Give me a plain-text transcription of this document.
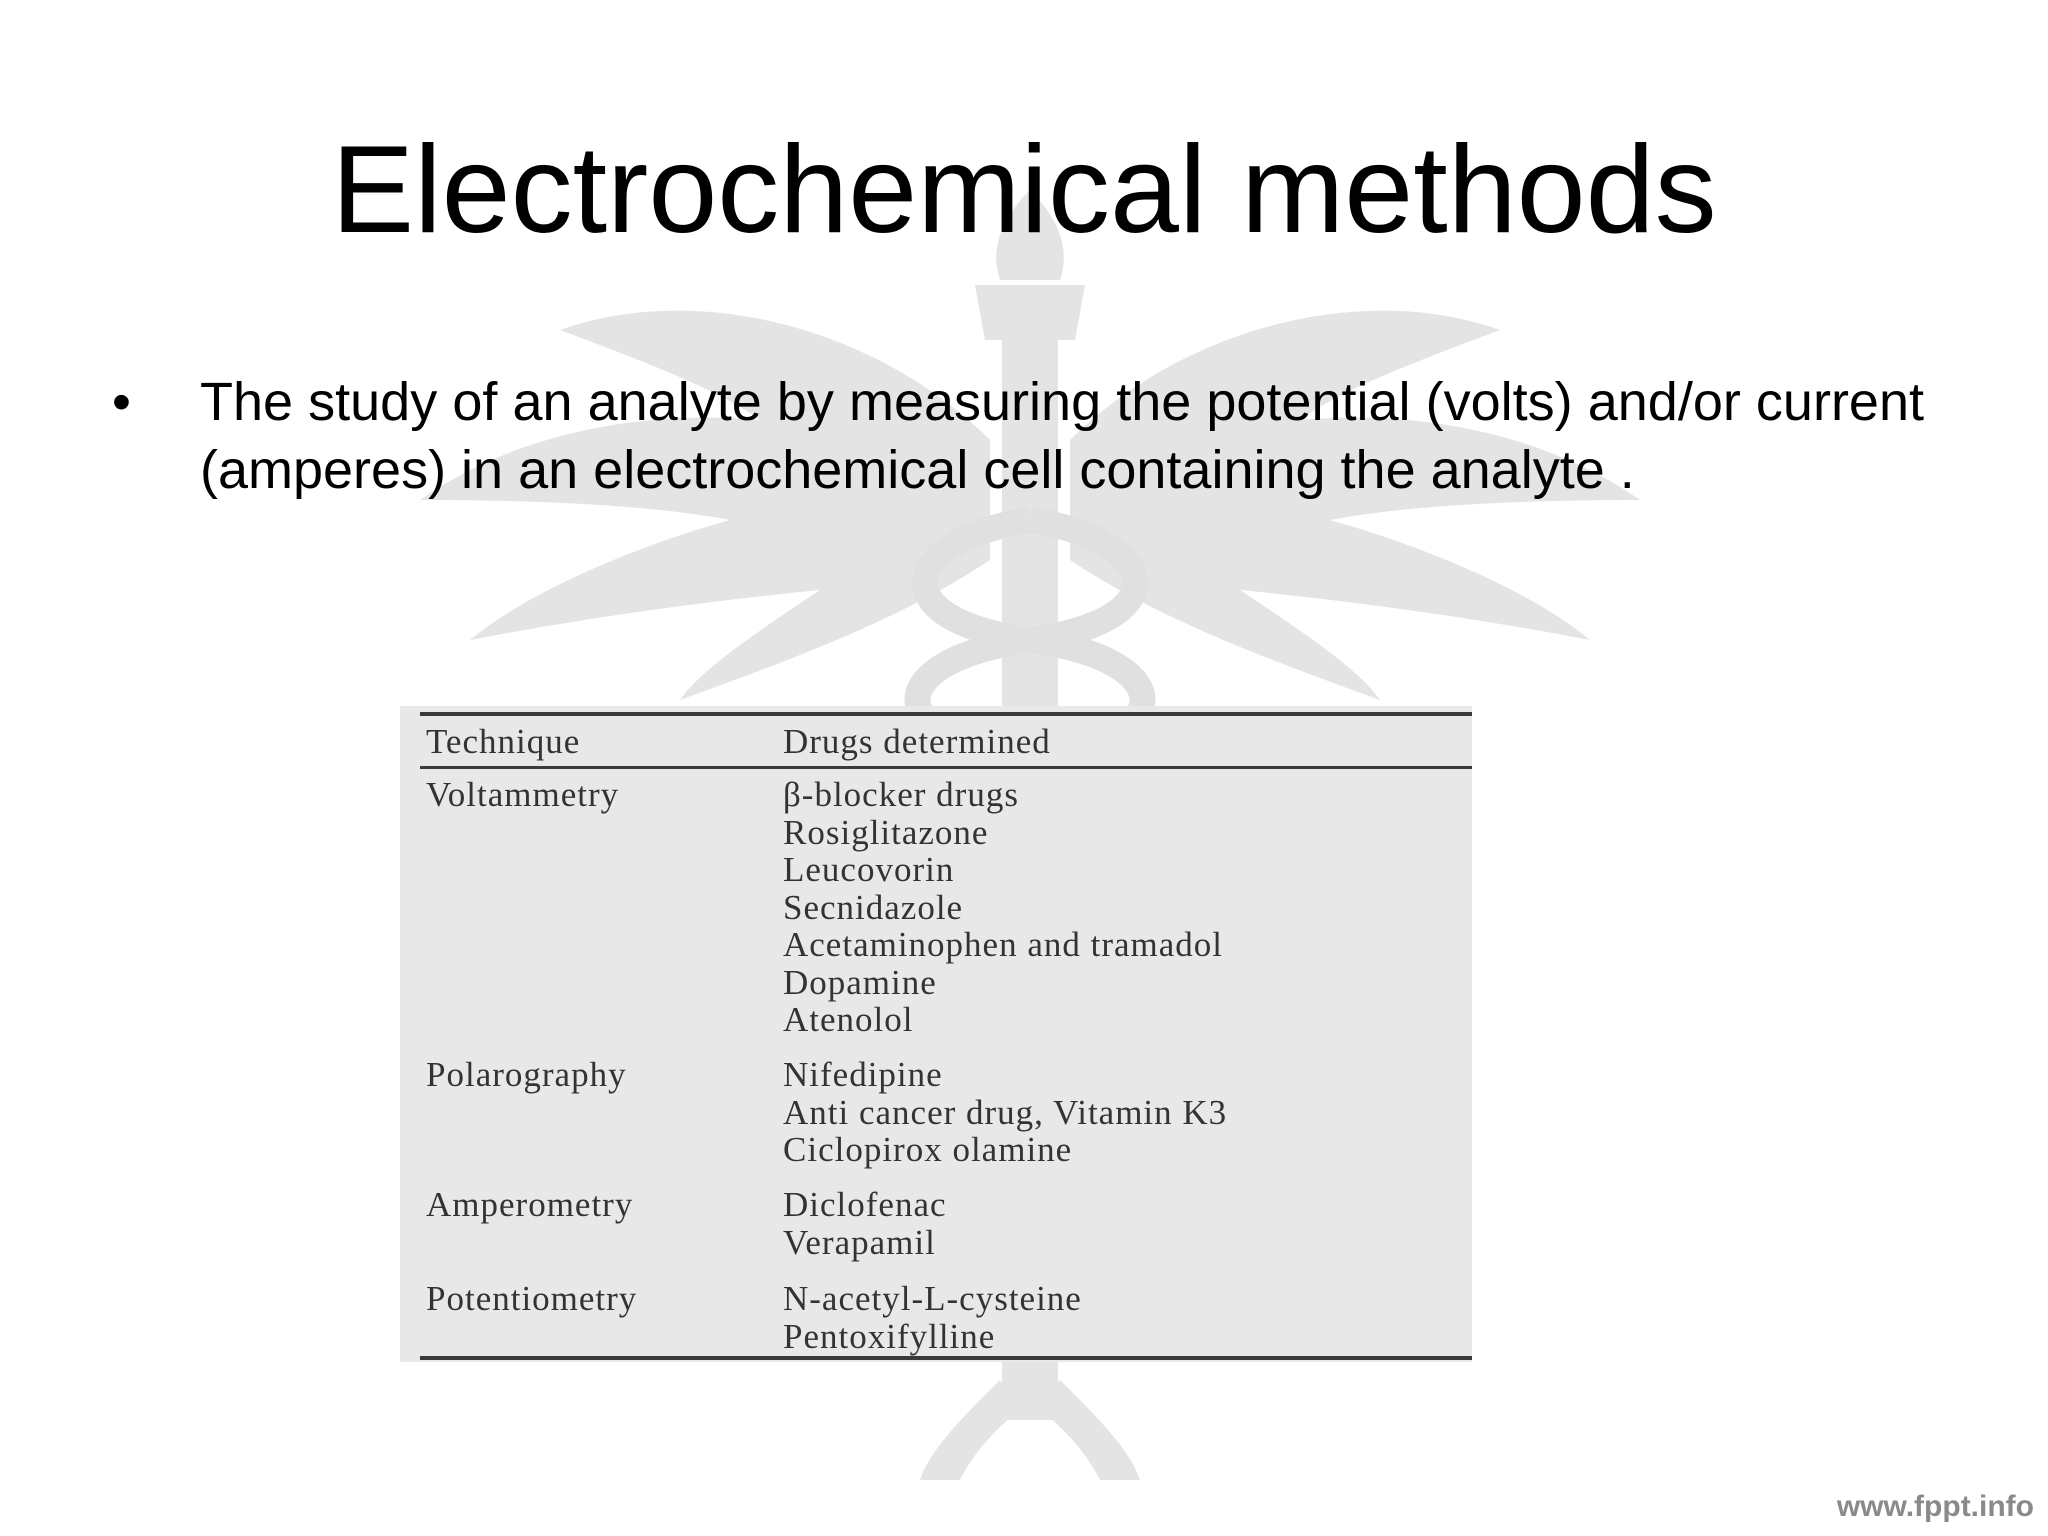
Electrochemical methods
• The study of an analyte by measuring the potential (volts) and/or current (amperes) in an electrochemical cell containing the analyte .

Technique	Drugs determined
Voltammetry	β-blocker drugs
Rosiglitazone
Leucovorin
Secnidazole
Acetaminophen and tramadol
Dopamine
Atenolol
Polarography	Nifedipine
Anti cancer drug, Vitamin K3
Ciclopirox olamine
Amperometry	Diclofenac
Verapamil
Potentiometry	N-acetyl-L-cysteine
Pentoxifylline
www.fppt.info
